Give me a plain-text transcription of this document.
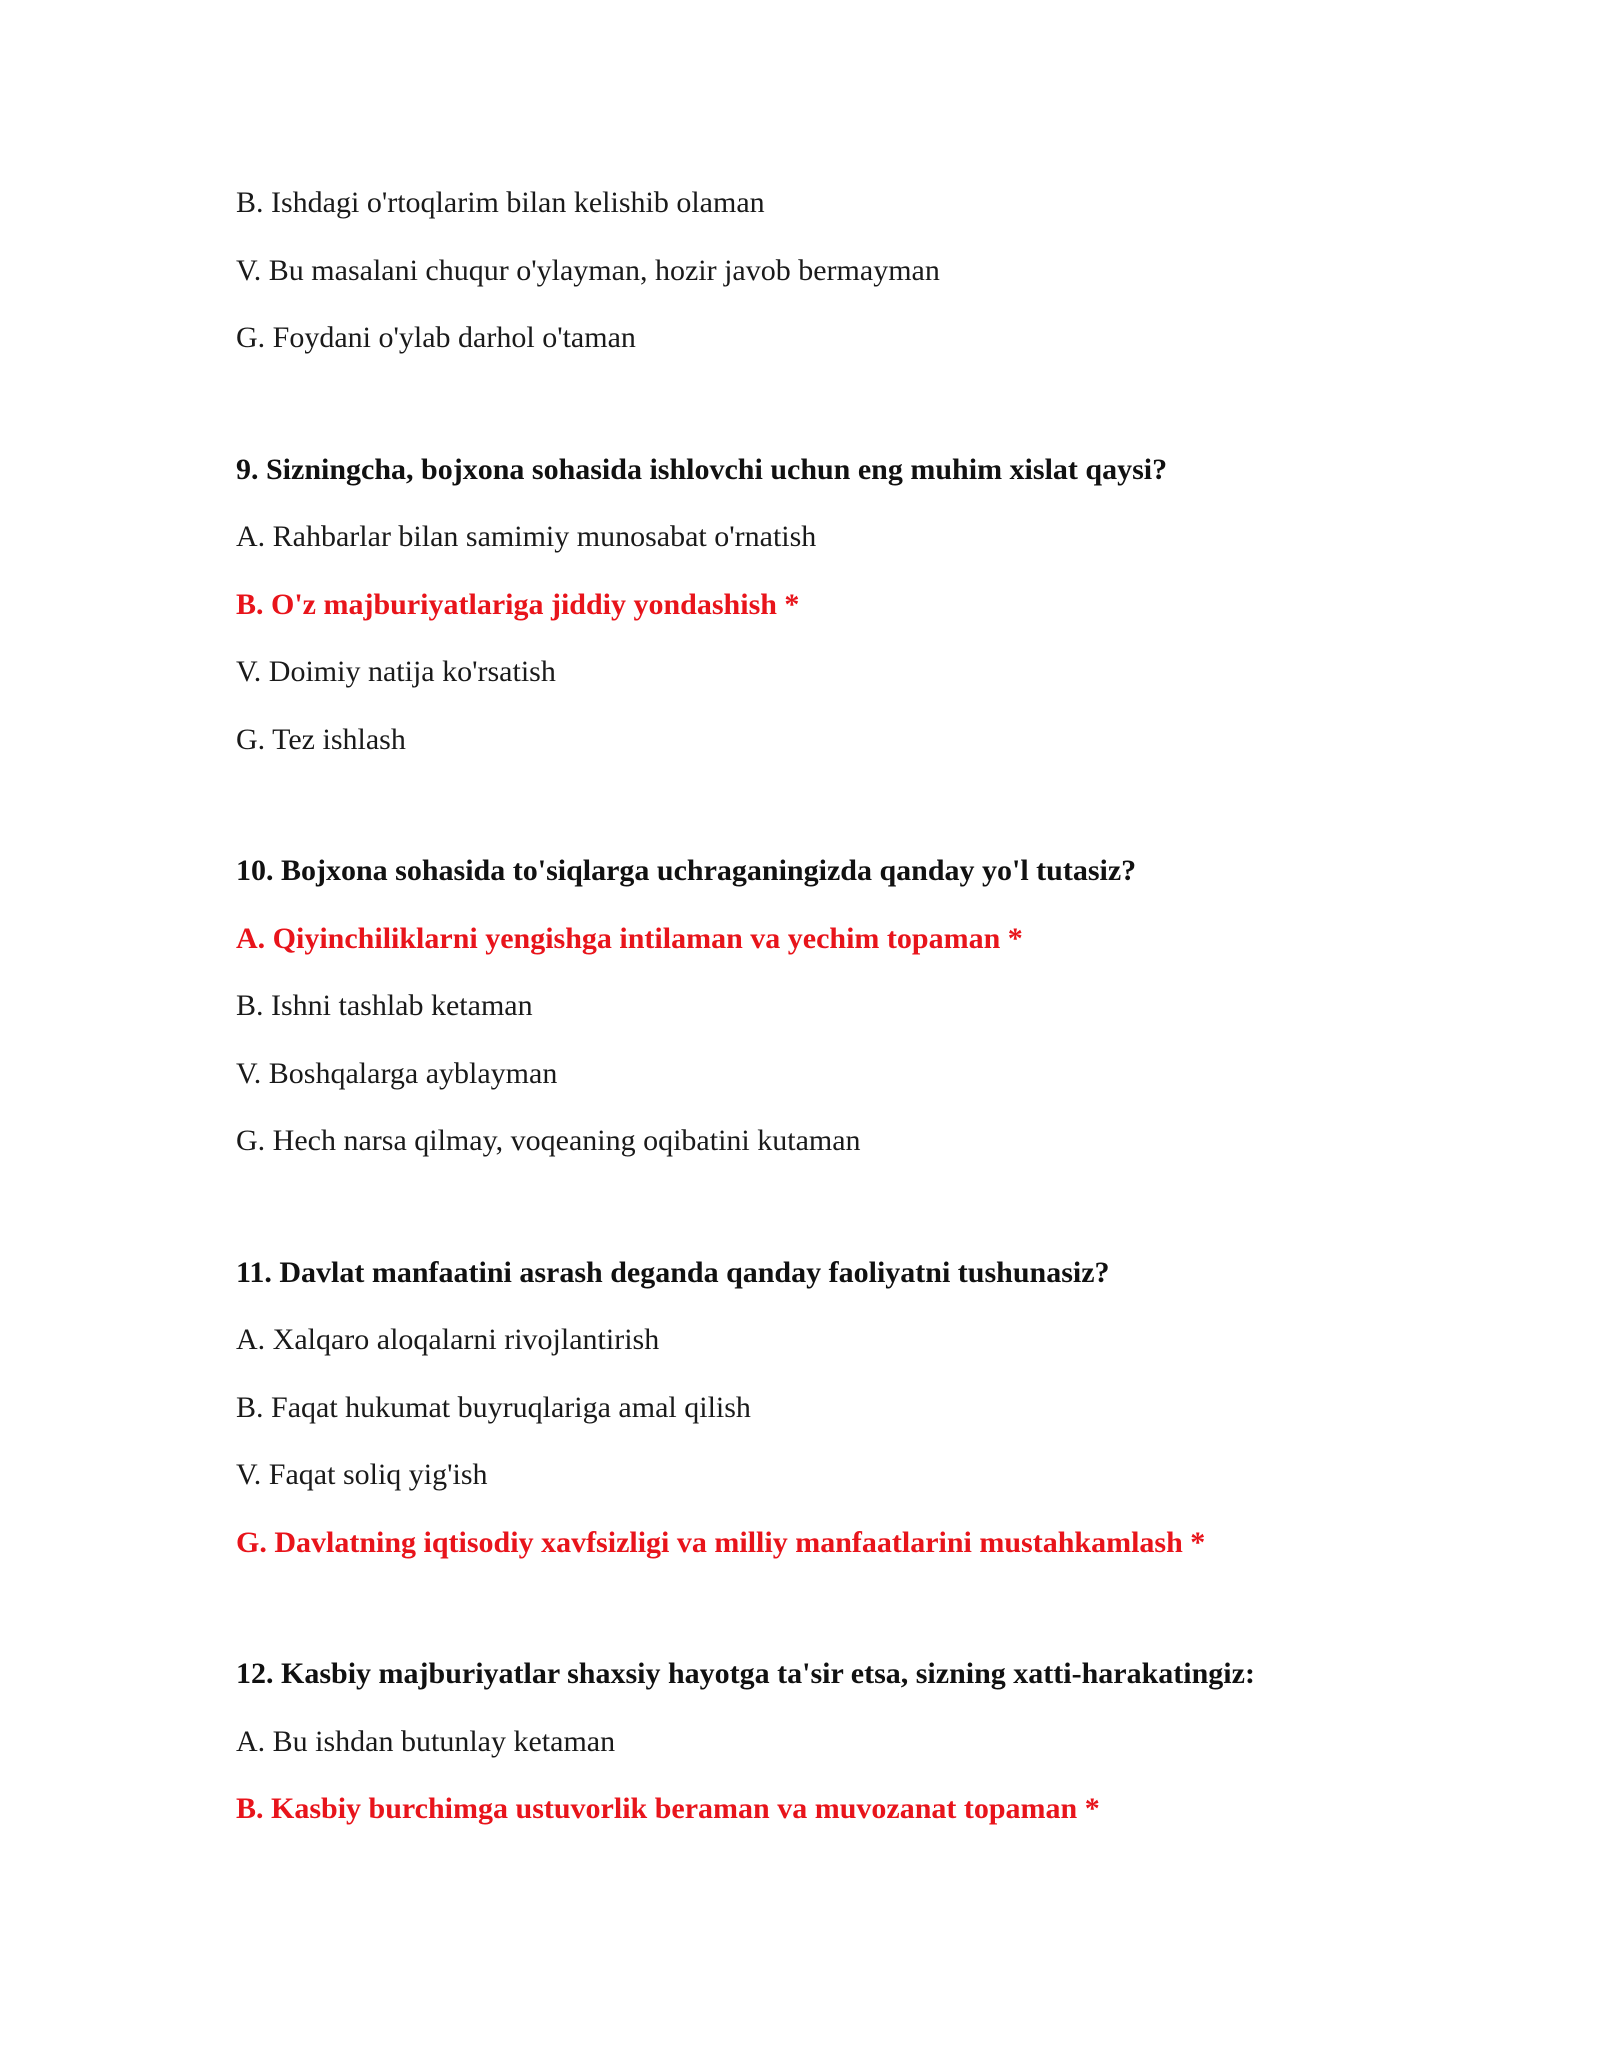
B. Ishdagi o'rtoqlarim bilan kelishib olaman
V. Bu masalani chuqur o'ylayman, hozir javob bermayman
G. Foydani o'ylab darhol o'taman
9. Sizningcha, bojxona sohasida ishlovchi uchun eng muhim xislat qaysi?
A. Rahbarlar bilan samimiy munosabat o'rnatish
B. O'z majburiyatlariga jiddiy yondashish *
V. Doimiy natija ko'rsatish
G. Tez ishlash
10. Bojxona sohasida to'siqlarga uchraganingizda qanday yo'l tutasiz?
A. Qiyinchiliklarni yengishga intilaman va yechim topaman *
B. Ishni tashlab ketaman
V. Boshqalarga ayblayman
G. Hech narsa qilmay, voqeaning oqibatini kutaman
11. Davlat manfaatini asrash deganda qanday faoliyatni tushunasiz?
A. Xalqaro aloqalarni rivojlantirish
B. Faqat hukumat buyruqlariga amal qilish
V. Faqat soliq yig'ish
G. Davlatning iqtisodiy xavfsizligi va milliy manfaatlarini mustahkamlash *
12. Kasbiy majburiyatlar shaxsiy hayotga ta'sir etsa, sizning xatti-harakatingiz:
A. Bu ishdan butunlay ketaman
B. Kasbiy burchimga ustuvorlik beraman va muvozanat topaman *
